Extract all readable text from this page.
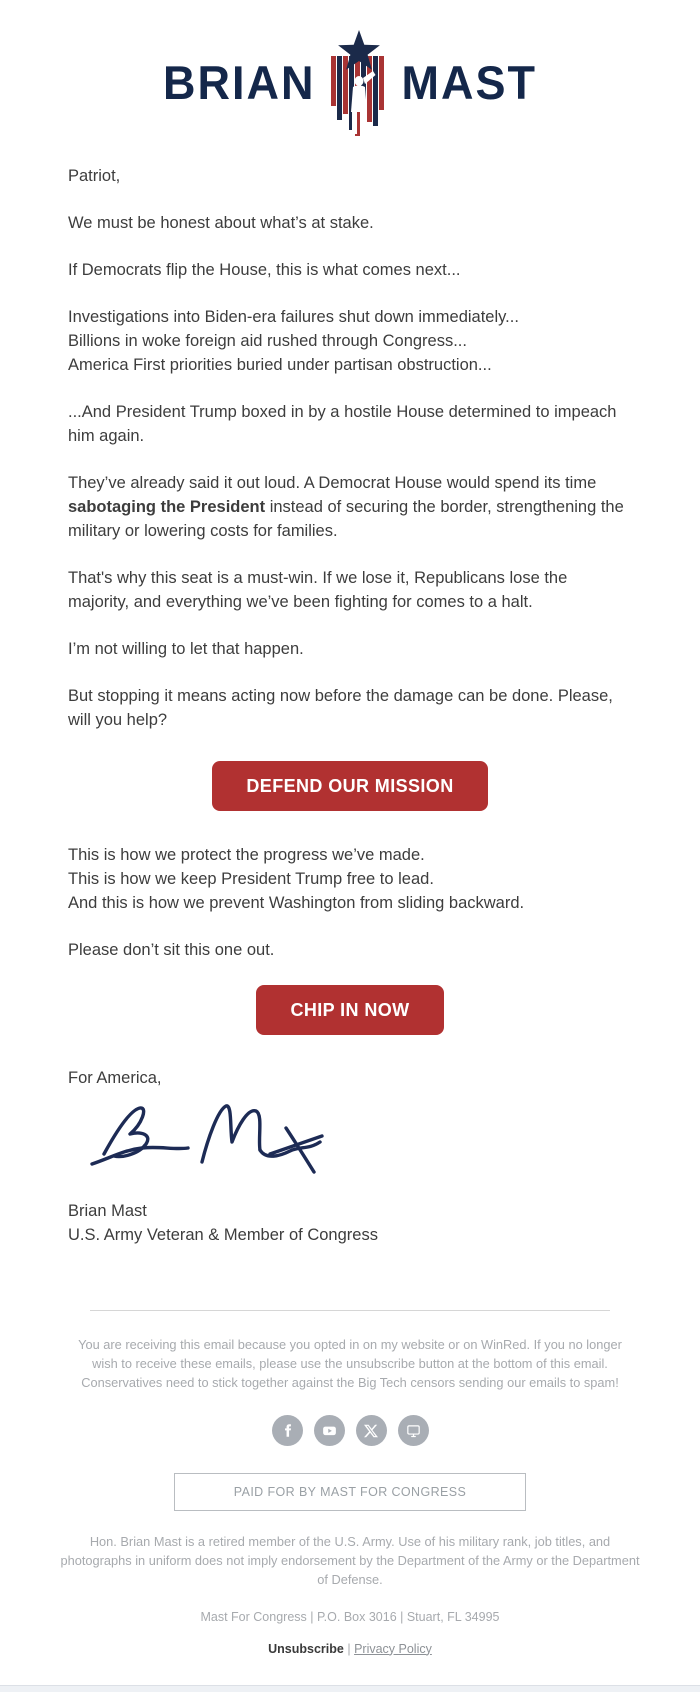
BRIAN MAST

Patriot,

We must be honest about what’s at stake.

If Democrats flip the House, this is what comes next...

Investigations into Biden-era failures shut down immediately...
Billions in woke foreign aid rushed through Congress...
America First priorities buried under partisan obstruction...

...And President Trump boxed in by a hostile House determined to impeach him again.

They’ve already said it out loud. A Democrat House would spend its time sabotaging the President instead of securing the border, strengthening the military or lowering costs for families.

That's why this seat is a must-win. If we lose it, Republicans lose the majority, and everything we’ve been fighting for comes to a halt.

I’m not willing to let that happen.

But stopping it means acting now before the damage can be done. Please, will you help?

DEFEND OUR MISSION

This is how we protect the progress we’ve made.
This is how we keep President Trump free to lead.
And this is how we prevent Washington from sliding backward.

Please don’t sit this one out.

CHIP IN NOW

For America,

Brian Mast
U.S. Army Veteran & Member of Congress

You are receiving this email because you opted in on my website or on WinRed. If you no longer wish to receive these emails, please use the unsubscribe button at the bottom of this email. Conservatives need to stick together against the Big Tech censors sending our emails to spam!

PAID FOR BY MAST FOR CONGRESS

Hon. Brian Mast is a retired member of the U.S. Army. Use of his military rank, job titles, and photographs in uniform does not imply endorsement by the Department of the Army or the Department of Defense.

Mast For Congress | P.O. Box 3016 | Stuart, FL 34995

Unsubscribe | Privacy Policy
